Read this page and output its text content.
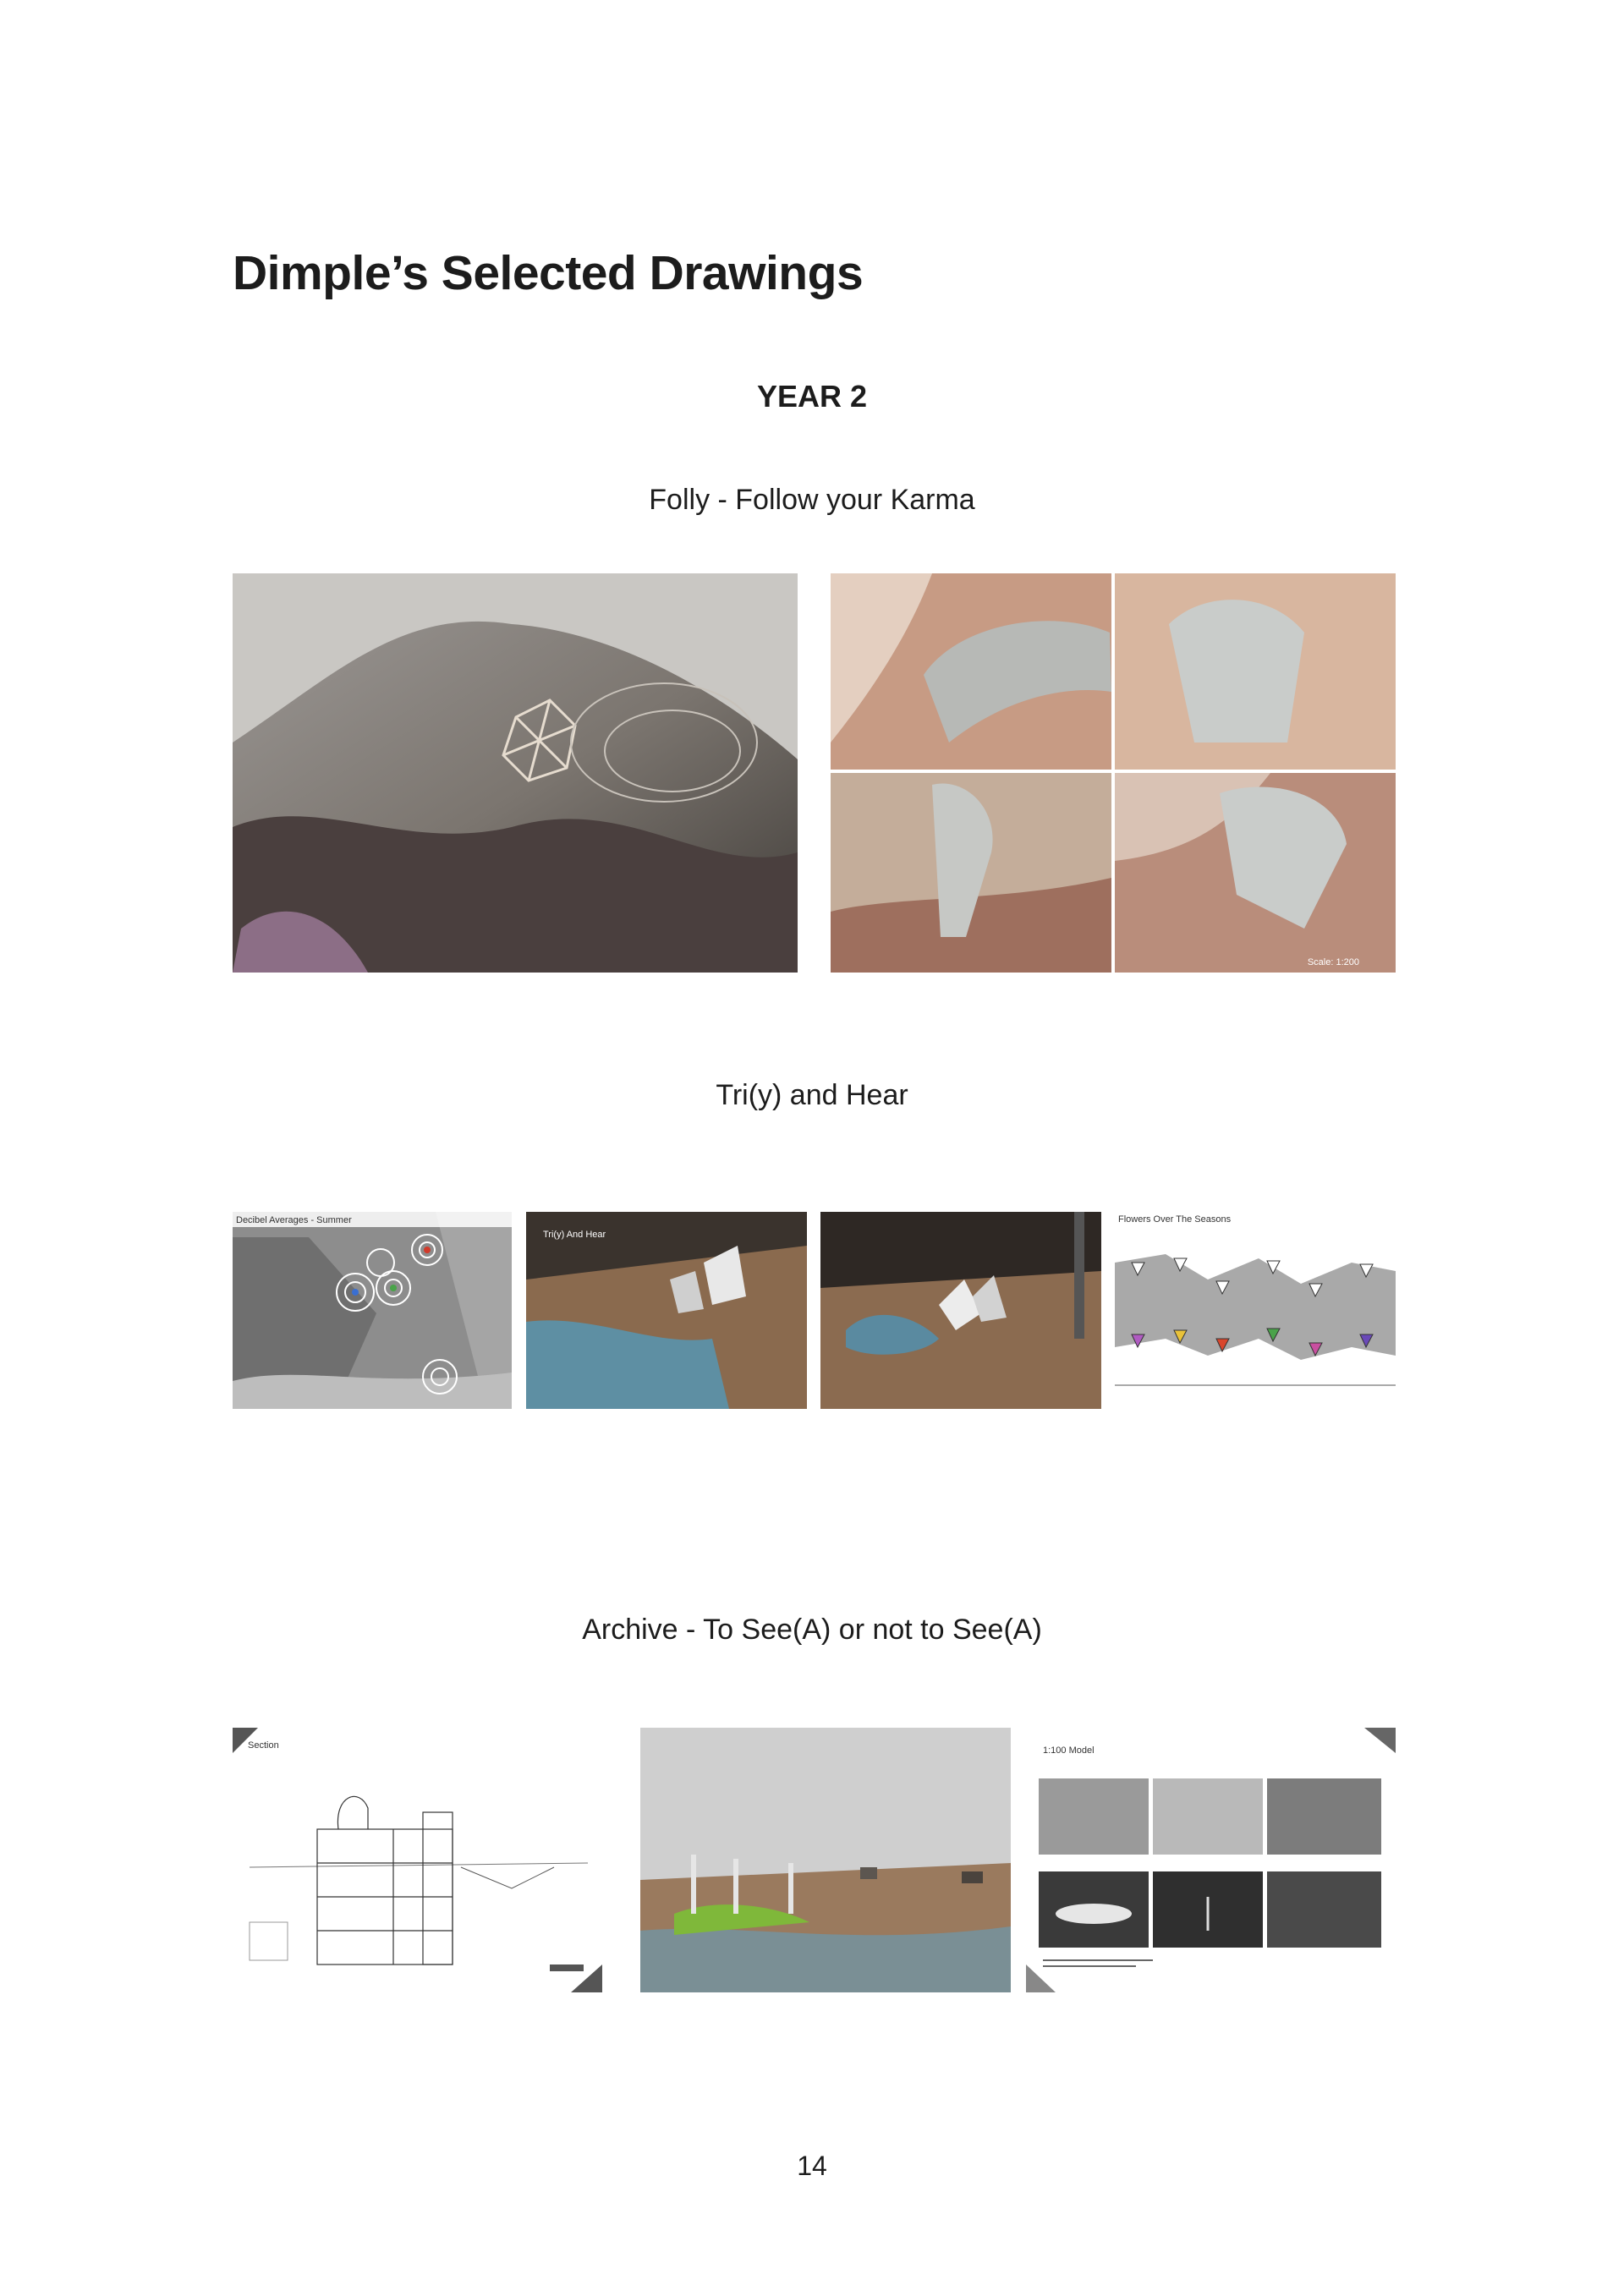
Dimple’s Selected Drawings
YEAR 2
Folly - Follow your Karma
Scale: 1:200
Tri(y) and Hear
Decibel Averages - Summer
Tri(y) And Hear
Flowers Over The Seasons
Archive - To See(A) or not to See(A)
Section	1:100 Model
14
